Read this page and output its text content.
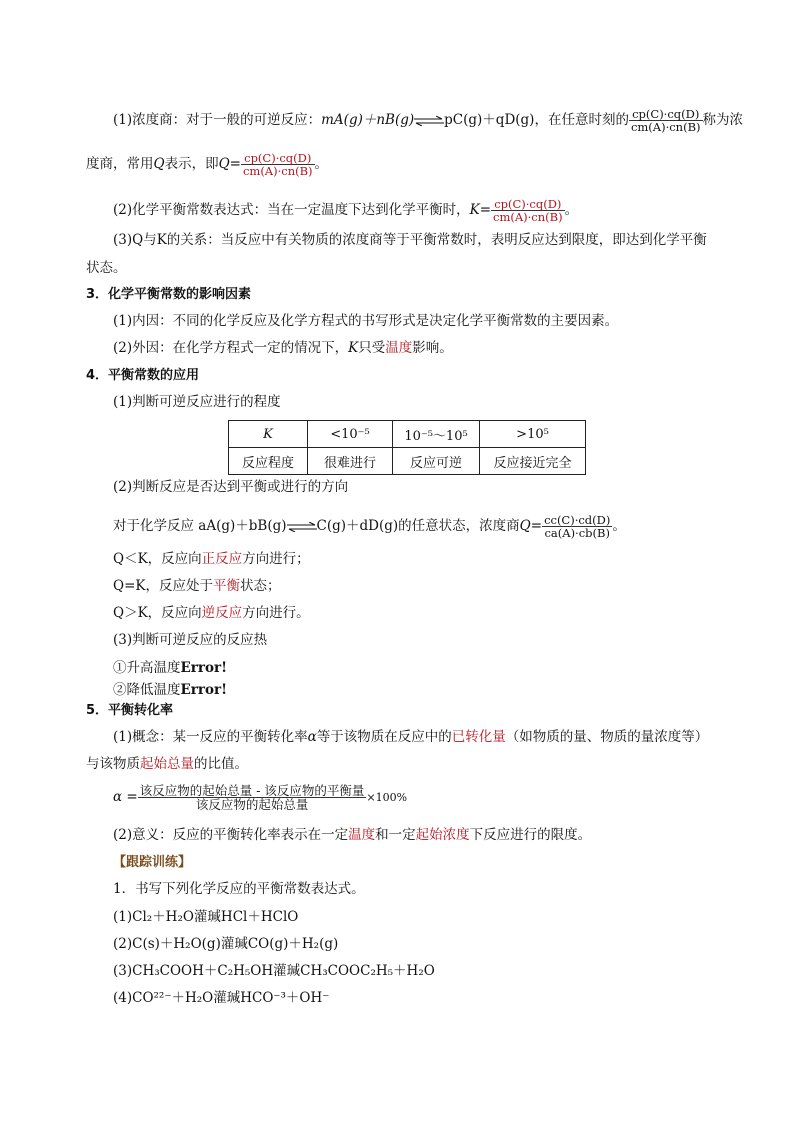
(1)浓度商：对于一般的可逆反应：mA(g)＋nB(g)⇌pC(g)＋qD(g)，在任意时刻的 $\frac{cp(C)\cdot cq(D)}{cm(A)\cdot cn(B)}$ 称为浓
度商，常用Q表示，即$Q= \frac{cp(C)\cdot cq(D)}{cm(A)\cdot cn(B)}$ 。
(2)化学平衡常数表达式：当在一定温度下达到化学平衡时，$K= \frac{cp(C)\cdot cq(D)}{cm(A)\cdot cn(B)}$ 。
(3)Q与K的关系：当反应中有关物质的浓度商等于平衡常数时，表明反应达到限度，即达到化学平衡
状态。
3．化学平衡常数的影响因素
(1)内因：不同的化学反应及化学方程式的书写形式是决定化学平衡常数的主要因素。
(2)外因：在化学方程式一定的情况下，K只受温度影响。
4．平衡常数的应用
(1)判断可逆反应进行的程度
K	<10⁻⁵	10⁻⁵～10⁵	>10⁵
反应程度	很难进行	反应可逆	反应接近完全
(2)判断反应是否达到平衡或进行的方向
对于化学反应 aA(g)＋bB(g)⇌C(g)＋dD(g)的任意状态，浓度商$Q= \frac{cc(C)\cdot cd(D)}{ca(A)\cdot cb(B)}$ 。
Q＜K，反应向正反应方向进行；
Q=K，反应处于平衡状态；
Q＞K，反应向逆反应方向进行。
(3)判断可逆反应的反应热
①升高温度Error!
②降低温度Error!
5．平衡转化率
(1)概念：某一反应的平衡转化率α等于该物质在反应中的已转化量（如物质的量、物质的量浓度等）
与该物质起始总量的比值。
$\alpha = \frac{\text{该反应物的起始总量 - 该反应物的平衡量}}{\text{该反应物的起始总量}} \times 100\%$
(2)意义：反应的平衡转化率表示在一定温度和一定起始浓度下反应进行的限度。
【跟踪训练】
1．书写下列化学反应的平衡常数表达式。
(1)Cl₂＋H₂O灌瑊HCl＋HClO
(2)C(s)＋H₂O(g)灌瑊CO(g)＋H₂(g)
(3)CH₃COOH＋C₂H₅OH灌瑊CH₃COOC₂H₅＋H₂O
(4)CO²²⁻＋H₂O灌瑊HCO⁻³＋OH⁻
